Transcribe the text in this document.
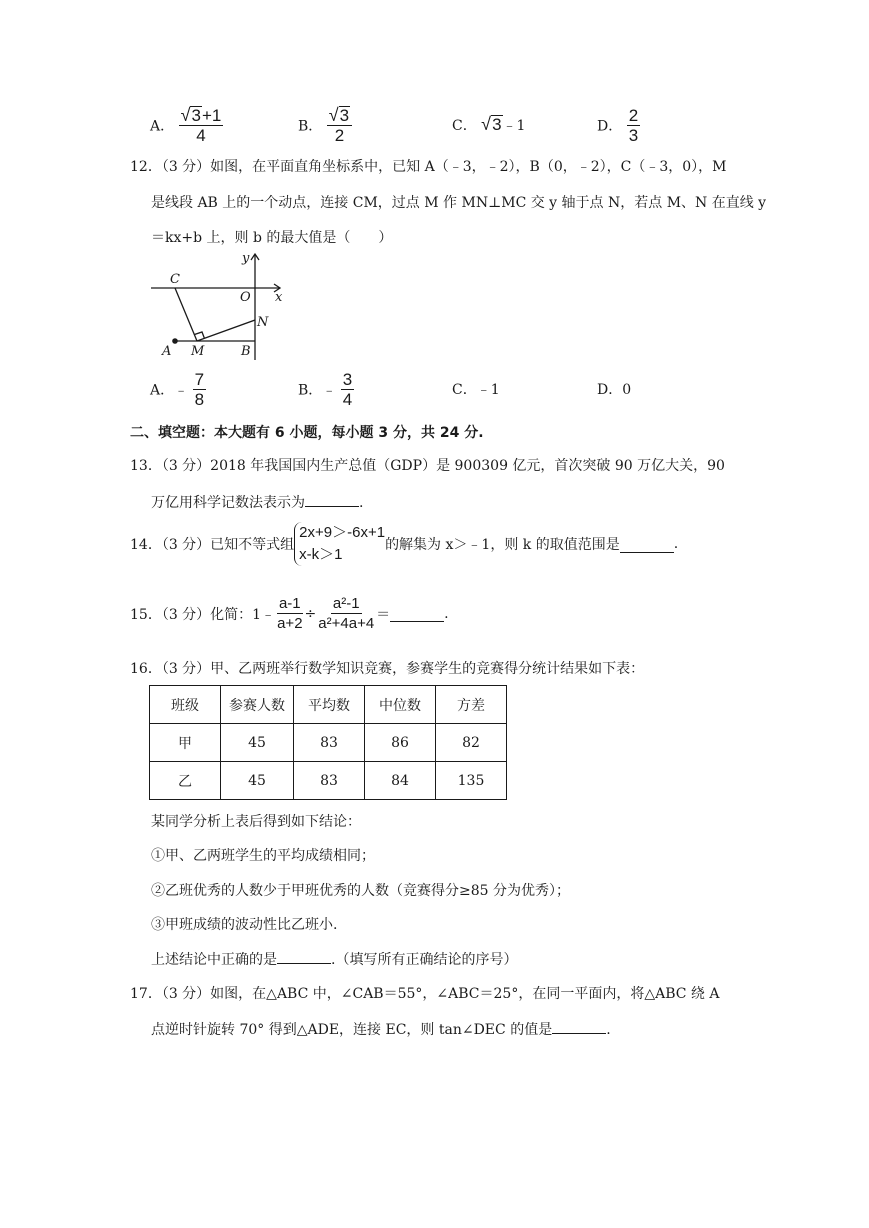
A． $\frac{√ 3 +1}{4}$	B． $\frac{√ 3}{2}$	C． √ 3 ﹣1	D． $\frac{2}{3}$
12．（3 分）如图，在平面直角坐标系中，已知 A（﹣3，﹣2），B（0，﹣2），C（﹣3，0），M
是线段 AB 上的一个动点，连接 CM，过点 M 作 MN⊥MC 交 y 轴于点 N，若点 M、N 在直线 y
＝kx+b 上，则 b 的最大值是（　　）
y
x
O
C
N
A M	B
A．﹣ $\frac{7}{8}$	B．﹣ $\frac{3}{4}$	C．﹣1	D．0
二、填空题：本大题有 6 小题，每小题 3 分，共 24 分.
13．（3 分）2018 年我国国内生产总值（GDP）是 900309 亿元，首次突破 90 万亿大关，90
万亿用科学记数法表示为	.
14．（3 分）已知不等式组
2x+9＞-6x+1
x-k＞1
的解集为 x＞﹣1，则 k 的取值范围是	.
15．（3 分）化简：1﹣ $\frac{a-1}{a+2} \div \frac{\text{a²-1}}{\text{a²+4a+4}}$ ＝	.
16．（3 分）甲、乙两班举行数学知识竞赛，参赛学生的竞赛得分统计结果如下表：
班级	参赛人数	平均数	中位数	方差
甲	45	83	86	82
乙	45	83	84	135
某同学分析上表后得到如下结论：
①甲、乙两班学生的平均成绩相同；
②乙班优秀的人数少于甲班优秀的人数（竞赛得分≥85 分为优秀）；
③甲班成绩的波动性比乙班小.
上述结论中正确的是	.（填写所有正确结论的序号）
17．（3 分）如图，在△ABC 中，∠CAB＝55°，∠ABC＝25°，在同一平面内，将△ABC 绕 A
点逆时针旋转 70° 得到△ADE，连接 EC，则 tan∠DEC 的值是	.
